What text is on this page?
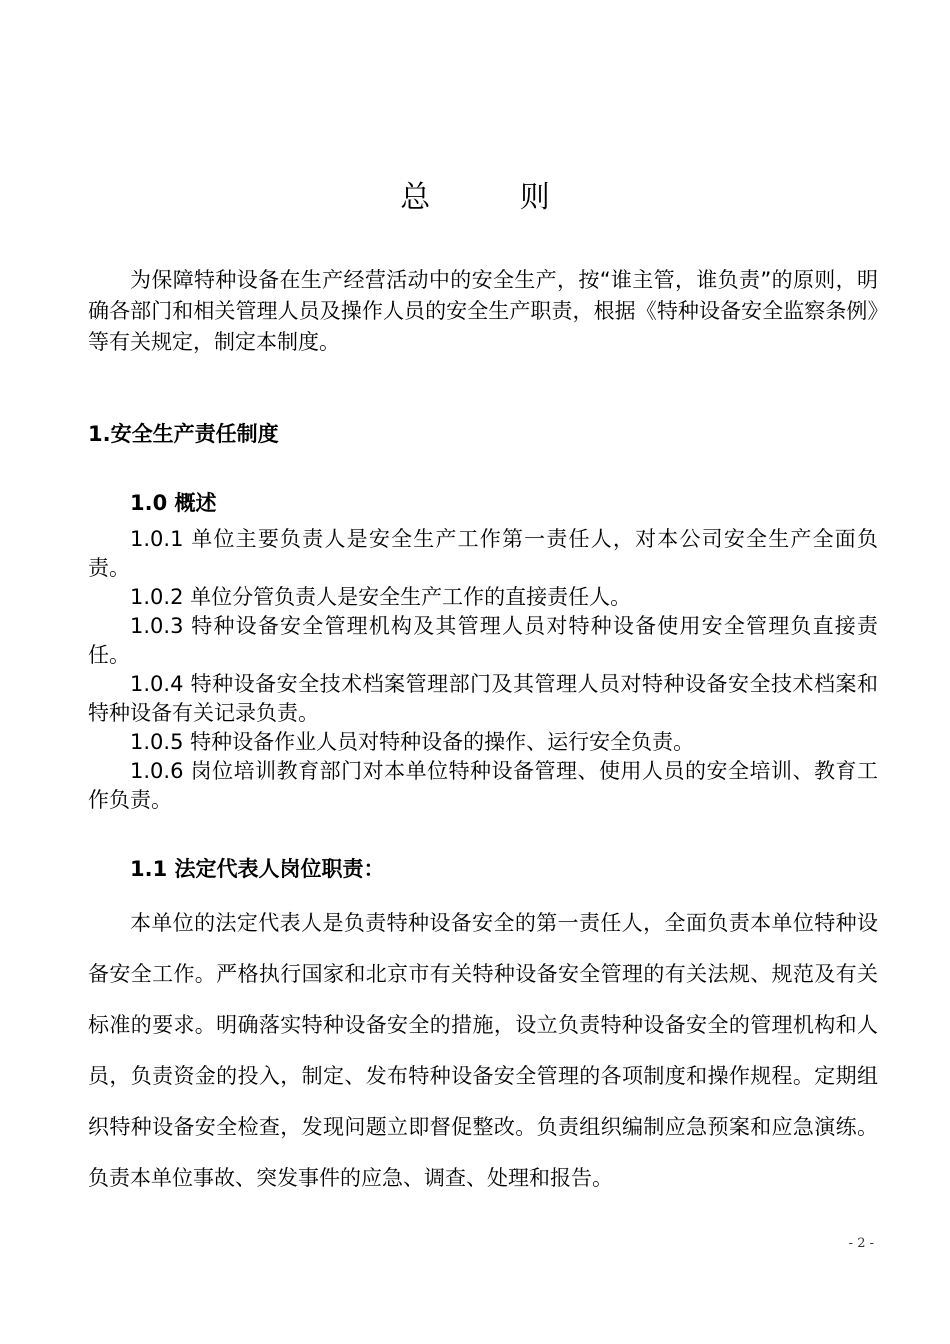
总 则

为保障特种设备在生产经营活动中的安全生产，按“谁主管，谁负责”的原则，明确各部门和相关管理人员及操作人员的安全生产职责，根据《特种设备安全监察条例》等有关规定，制定本制度。

1.安全生产责任制度

1.0 概述

1.0.1 单位主要负责人是安全生产工作第一责任人，对本公司安全生产全面负责。
1.0.2 单位分管负责人是安全生产工作的直接责任人。
1.0.3 特种设备安全管理机构及其管理人员对特种设备使用安全管理负直接责任。
1.0.4 特种设备安全技术档案管理部门及其管理人员对特种设备安全技术档案和特种设备有关记录负责。
1.0.5 特种设备作业人员对特种设备的操作、运行安全负责。
1.0.6 岗位培训教育部门对本单位特种设备管理、使用人员的安全培训、教育工作负责。

1.1 法定代表人岗位职责：

本单位的法定代表人是负责特种设备安全的第一责任人，全面负责本单位特种设备安全工作。严格执行国家和北京市有关特种设备安全管理的有关法规、规范及有关标准的要求。明确落实特种设备安全的措施，设立负责特种设备安全的管理机构和人员，负责资金的投入，制定、发布特种设备安全管理的各项制度和操作规程。定期组织特种设备安全检查，发现问题立即督促整改。负责组织编制应急预案和应急演练。 负责本单位事故、突发事件的应急、调查、处理和报告。

- 2 -
